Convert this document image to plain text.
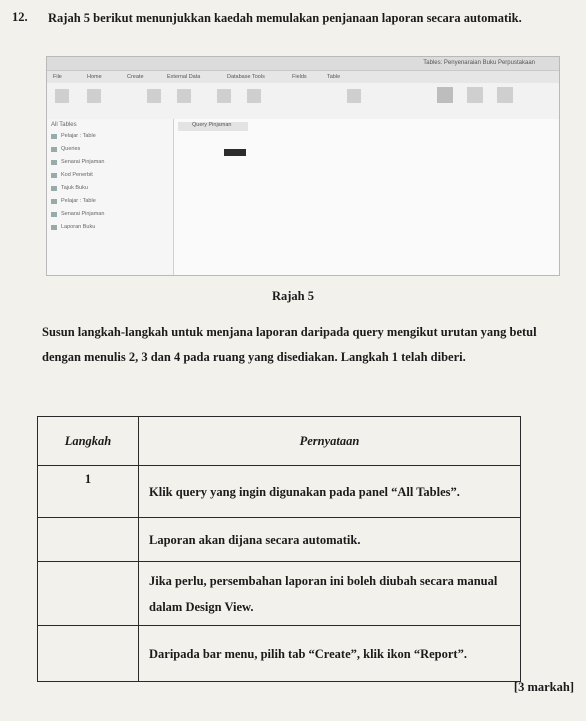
12. Rajah 5 berikut menunjukkan kaedah memulakan penjanaan laporan secara automatik.
Tables: Penyenaraian Buku Perpustakaan
File	Home	Create	External Data	Database Tools	Fields	Table
All Tables
Pelajar : Table
Queries
Senarai Pinjaman
Kod Penerbit
Tajuk Buku
Pelajar : Table
Senarai Pinjaman
Laporan Buku
Query Pinjaman
Rajah 5
Susun langkah-langkah untuk menjana laporan daripada query mengikut urutan yang betul dengan menulis 2, 3 dan 4 pada ruang yang disediakan. Langkah 1 telah diberi.
Langkah	Pernyataan
1	Klik query yang ingin digunakan pada panel “All Tables”.
	Laporan akan dijana secara automatik.
	Jika perlu, persembahan laporan ini boleh diubah secara manual dalam Design View.
	Daripada bar menu, pilih tab “Create”, klik ikon “Report”.
[3 markah]
